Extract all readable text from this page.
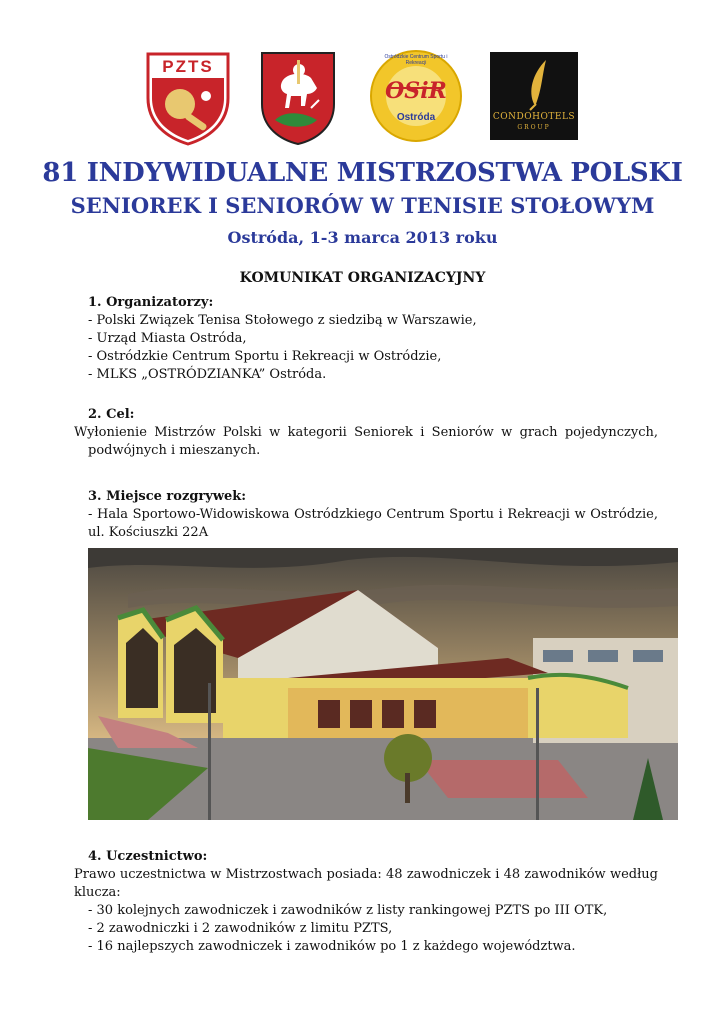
PZTS
OSiR
Ostróda
Ostródzkie Centrum Sportu i Rekreacji
CONDOHOTELS
GROUP
81 INDYWIDUALNE MISTRZOSTWA POLSKI
SENIOREK I SENIORÓW W TENISIE STOŁOWYM
Ostróda, 1-3 marca 2013 roku
KOMUNIKAT ORGANIZACYJNY
1. Organizatorzy:
- Polski Związek Tenisa Stołowego z siedzibą w Warszawie,
- Urząd Miasta Ostróda,
- Ostródzkie Centrum Sportu i Rekreacji w Ostródzie,
- MLKS „OSTRÓDZIANKA” Ostróda.
2. Cel:
Wyłonienie Mistrzów Polski w kategorii Seniorek i Seniorów w grach pojedynczych, podwójnych i mieszanych.
3. Miejsce rozgrywek:
- Hala Sportowo-Widowiskowa Ostródzkiego Centrum Sportu i Rekreacji w Ostródzie, ul. Kościuszki 22A
4. Uczestnictwo:
Prawo uczestnictwa w Mistrzostwach posiada: 48 zawodniczek i 48 zawodników według klucza:
- 30 kolejnych zawodniczek i zawodników z listy rankingowej PZTS po III OTK,
- 2 zawodniczki i 2 zawodników z limitu PZTS,
- 16 najlepszych zawodniczek i zawodników po 1 z każdego województwa.
